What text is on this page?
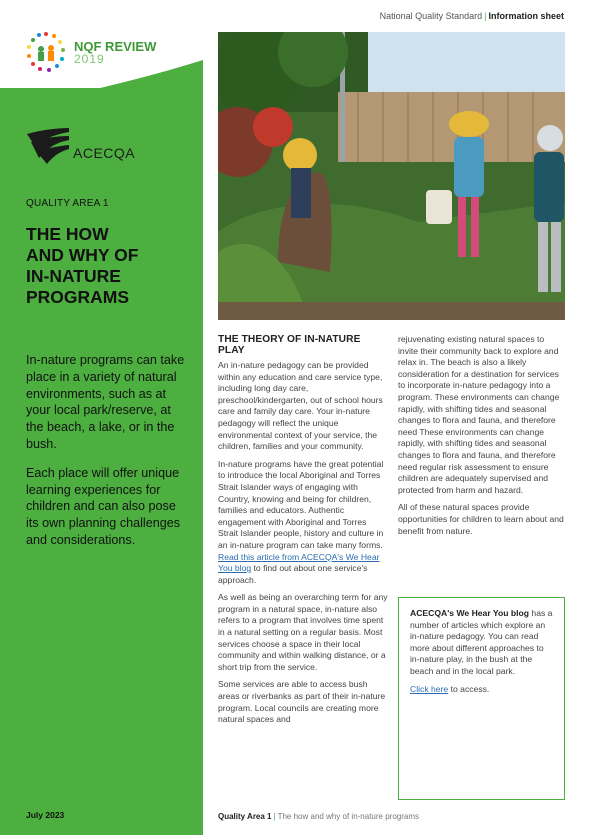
National Quality Standard | Information sheet
NQF REVIEW
2019
ACECQA
QUALITY AREA 1
THE HOW
AND WHY OF
IN-NATURE
PROGRAMS

In-nature programs can take place in a variety of natural environments, such as at your local park/reserve, at the beach, a lake, or in the bush.

Each place will offer unique learning experiences for children and can also pose its own planning challenges and considerations.

July 2023
THE THEORY OF IN-NATURE PLAY

An in-nature pedagogy can be provided within any education and care service type, including long day care, preschool/kindergarten, out of school hours care and family day care. Your in-nature pedagogy will reflect the unique environmental context of your service, the children, families and your community.

In-nature programs have the great potential to introduce the local Aboriginal and Torres Strait Islander ways of engaging with Country, knowing and being for children, families and educators. Authentic engagement with Aboriginal and Torres Strait Islander people, history and culture in an in-nature program can take many forms. Read this article from ACECQA's We Hear You blog to find out about one service's approach.

As well as being an overarching term for any program in a natural space, in-nature also refers to a program that involves time spent in a natural setting on a regular basis. Most services choose a space in their local community and within walking distance, or a short trip from the service.

Some services are able to access bush areas or riverbanks as part of their in-nature program. Local councils are creating more natural spaces and

rejuvenating existing natural spaces to invite their community back to explore and relax in. The beach is also a likely consideration for a destination for services to incorporate in-nature pedagogy into a program. These environments can change rapidly, with shifting tides and seasonal changes to flora and fauna, and therefore need These environments can change rapidly, with shifting tides and seasonal changes to flora and fauna, and therefore need regular risk assessment to ensure children are adequately supervised and protected from harm and hazard.

All of these natural spaces provide opportunities for children to learn about and benefit from nature.

ACECQA's We Hear You blog has a number of articles which explore an in-nature pedagogy. You can read more about different approaches to in-nature play, in the bush at the beach and in the local park.

Click here to access.

Quality Area 1 | The how and why of in-nature programs
